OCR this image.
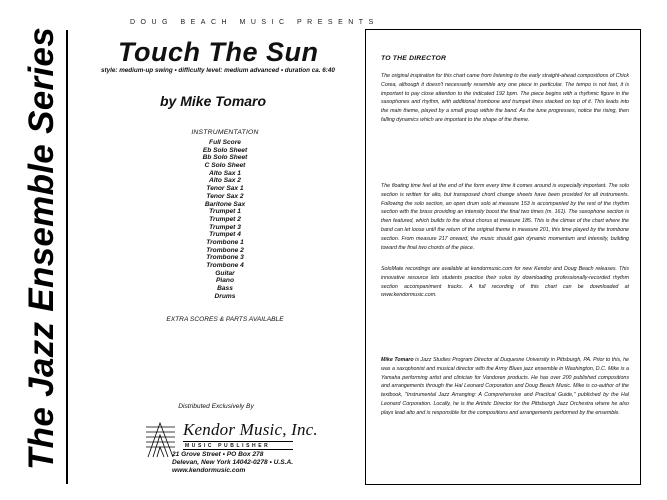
The Jazz Ensemble Series
DOUG BEACH MUSIC PRESENTS
Touch The Sun
style: medium-up swing • difficulty level: medium advanced • duration ca. 6:40
by Mike Tomaro
INSTRUMENTATION
Full Score
Eb Solo Sheet
Bb Solo Sheet
C Solo Sheet
Alto Sax 1
Alto Sax 2
Tenor Sax 1
Tenor Sax 2
Baritone Sax
Trumpet 1
Trumpet 2
Trumpet 3
Trumpet 4
Trombone 1
Trombone 2
Trombone 3
Trombone 4
Guitar
Piano
Bass
Drums
EXTRA SCORES & PARTS AVAILABLE
Distributed Exclusively By
Kendor Music, Inc.
MUSIC PUBLISHER
21 Grove Street • PO Box 278
Delevan, New York 14042-0278 • U.S.A.
www.kendormusic.com
TO THE DIRECTOR

The original inspiration for this chart came from listening to the early straight-ahead compositions of Chick Corea, although it doesn't necessarily resemble any one piece in particular. The tempo is not fast, it is important to pay close attention to the indicated 192 bpm. The piece begins with a rhythmic figure in the saxophones and rhythm, with additional trombone and trumpet lines stacked on top of it. This leads into the main theme, played by a small group within the band. As the tune progresses, notice the rising, then falling dynamics which are important to the shape of the theme.

The floating time feel at the end of the form every time it comes around is especially important. The solo section is written for alto, but transposed chord change sheets have been provided for all instruments. Following the solo section, an open drum solo at measure 153 is accompanied by the rest of the rhythm section with the brass providing an intensity boost the final two times (m. 161). The saxophone section is then featured, which builds to the shout chorus at measure 185. This is the climax of the chart where the band can let loose until the return of the original theme in measure 201, this time played by the trombone section. From measure 217 onward, the music should gain dynamic momentum and intensity, building toward the final two chords of the piece.

SoloMate recordings are available at kendormusic.com for new Kendor and Doug Beach releases. This innovative resource lets students practice their solos by downloading professionally-recorded rhythm section accompaniment tracks. A full recording of this chart can be downloaded at www.kendormusic.com.

Mike Tomaro is Jazz Studies Program Director at Duquesne University in Pittsburgh, PA. Prior to this, he was a saxophonist and musical director with the Army Blues jazz ensemble in Washington, D.C. Mike is a Yamaha performing artist and clinician for Vandoren products. He has over 200 published compositions and arrangements through the Hal Leonard Corporation and Doug Beach Music. Mike is co-author of the textbook, "Instrumental Jazz Arranging: A Comprehensive and Practical Guide," published by the Hal Leonard Corporation. Locally, he is the Artistic Director for the Pittsburgh Jazz Orchestra where he also plays lead alto and is responsible for the compositions and arrangements performed by the ensemble.
